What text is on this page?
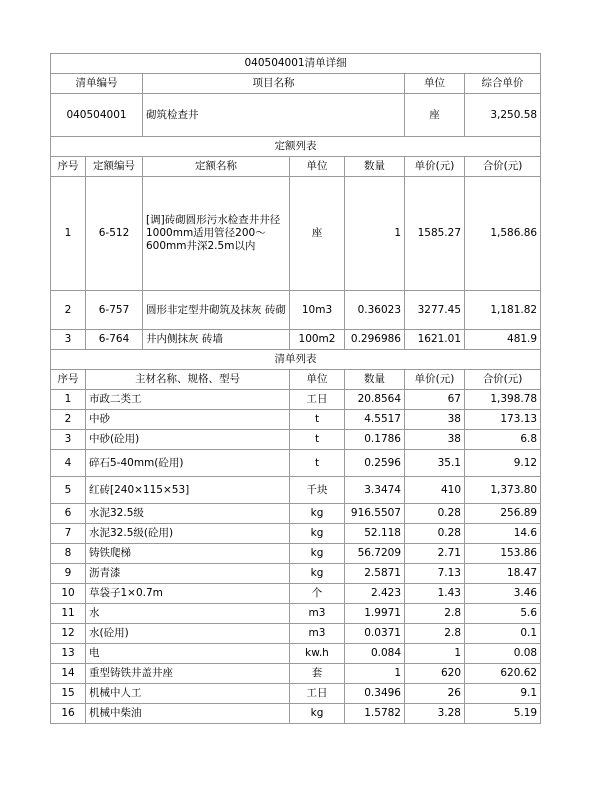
040504001清单详细						
清单编号		项目名称			单位	综合单价
040504001		砌筑检查井			座	3,250.58
定额列表						
序号	定额编号	定额名称	单位	数量	单价(元)	合价(元)
1	6-512	[调]砖砌圆形污水检查井井径1000mm适用管径200～600mm井深2.5m以内	座	1	1585.27	1,586.86
2	6-757	圆形非定型井砌筑及抹灰 砖砌	10m3	0.36023	3277.45	1,181.82
3	6-764	井内侧抹灰 砖墙	100m2	0.296986	1621.01	481.9
清单列表						
序号	主材名称、规格、型号		单位	数量	单价(元)	合价(元)
1	市政二类工		工日	20.8564	67	1,398.78
2	中砂		t	4.5517	38	173.13
3	中砂(砼用)		t	0.1786	38	6.8
4	碎石5-40mm(砼用)		t	0.2596	35.1	9.12
5	红砖[240×115×53]		千块	3.3474	410	1,373.80
6	水泥32.5级		kg	916.5507	0.28	256.89
7	水泥32.5级(砼用)		kg	52.118	0.28	14.6
8	铸铁爬梯		kg	56.7209	2.71	153.86
9	沥青漆		kg	2.5871	7.13	18.47
10	草袋子1×0.7m		个	2.423	1.43	3.46
11	水		m3	1.9971	2.8	5.6
12	水(砼用)		m3	0.0371	2.8	0.1
13	电		kw.h	0.084	1	0.08
14	重型铸铁井盖井座		套	1	620	620.62
15	机械中人工		工日	0.3496	26	9.1
16	机械中柴油		kg	1.5782	3.28	5.19
